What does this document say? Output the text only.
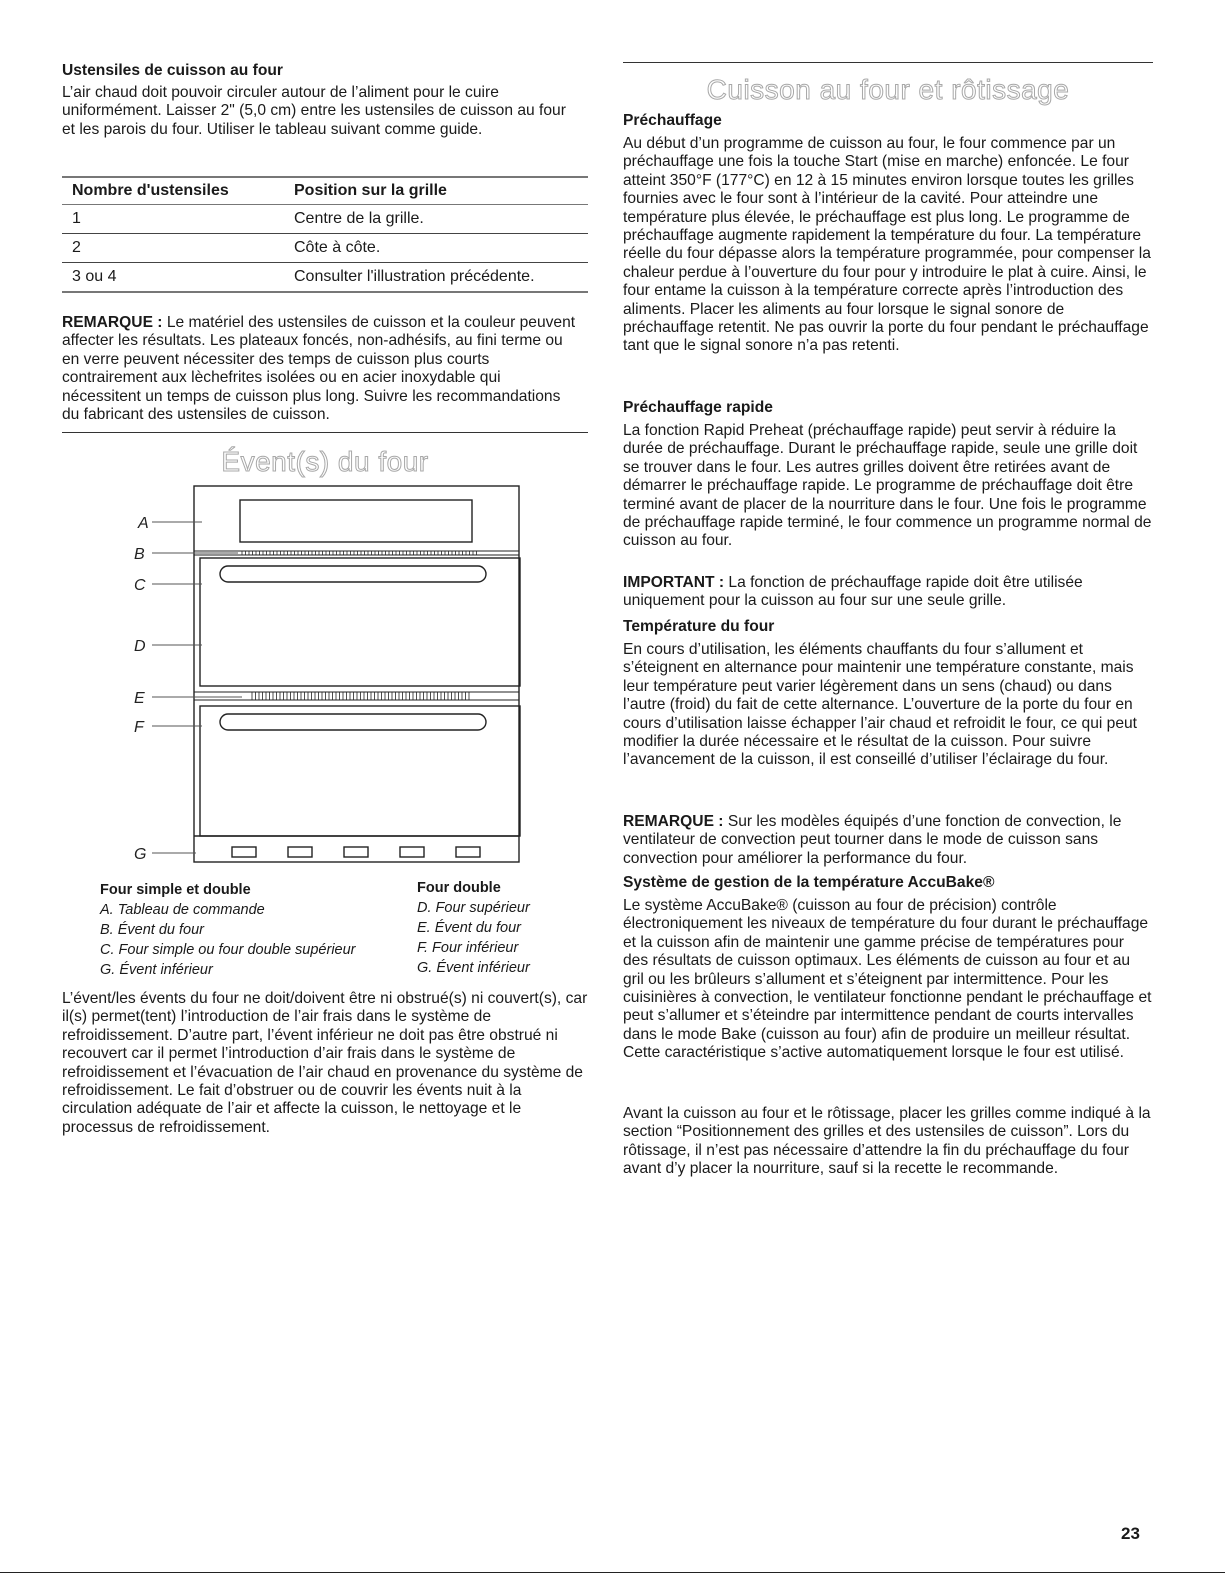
Ustensiles de cuisson au four

L’air chaud doit pouvoir circuler autour de l’aliment pour le cuire uniformément. Laisser 2" (5,0 cm) entre les ustensiles de cuisson au four et les parois du four. Utiliser le tableau suivant comme guide.

Nombre d'ustensiles	Position sur la grille
1	Centre de la grille.
2	Côte à côte.
3 ou 4	Consulter l'illustration précédente.

REMARQUE : Le matériel des ustensiles de cuisson et la couleur peuvent affecter les résultats. Les plateaux foncés, non-adhésifs, au fini terme ou en verre peuvent nécessiter des temps de cuisson plus courts contrairement aux lèchefrites isolées ou en acier inoxydable qui nécessitent un temps de cuisson plus long. Suivre les recommandations du fabricant des ustensiles de cuisson.

Évent(s) du four
A
B
C
D
E
F
G
Four simple et double
A. Tableau de commande
B. Évent du four
C. Four simple ou four double supérieur
G. Évent inférieur
Four double
D. Four supérieur
E. Évent du four
F. Four inférieur
G. Évent inférieur

L’évent/les évents du four ne doit/doivent être ni obstrué(s) ni couvert(s), car il(s) permet(tent) l’introduction de l’air frais dans le système de refroidissement. D’autre part, l’évent inférieur ne doit pas être obstrué ni recouvert car il permet l’introduction d’air frais dans le système de refroidissement et l’évacuation de l’air chaud en provenance du système de refroidissement. Le fait d’obstruer ou de couvrir les évents nuit à la circulation adéquate de l’air et affecte la cuisson, le nettoyage et le processus de refroidissement.

Cuisson au four et rôtissage
Préchauffage

Au début d’un programme de cuisson au four, le four commence par un préchauffage une fois la touche Start (mise en marche) enfoncée. Le four atteint 350°F (177°C) en 12 à 15 minutes environ lorsque toutes les grilles fournies avec le four sont à l’intérieur de la cavité. Pour atteindre une température plus élevée, le préchauffage est plus long. Le programme de préchauffage augmente rapidement la température du four. La température réelle du four dépasse alors la température programmée, pour compenser la chaleur perdue à l’ouverture du four pour y introduire le plat à cuire. Ainsi, le four entame la cuisson à la température correcte après l’introduction des aliments. Placer les aliments au four lorsque le signal sonore de préchauffage retentit. Ne pas ouvrir la porte du four pendant le préchauffage tant que le signal sonore n’a pas retenti.

Préchauffage rapide

La fonction Rapid Preheat (préchauffage rapide) peut servir à réduire la durée de préchauffage. Durant le préchauffage rapide, seule une grille doit se trouver dans le four. Les autres grilles doivent être retirées avant de démarrer le préchauffage rapide. Le programme de préchauffage doit être terminé avant de placer de la nourriture dans le four. Une fois le programme de préchauffage rapide terminé, le four commence un programme normal de cuisson au four.

IMPORTANT : La fonction de préchauffage rapide doit être utilisée uniquement pour la cuisson au four sur une seule grille.

Température du four

En cours d’utilisation, les éléments chauffants du four s’allument et s’éteignent en alternance pour maintenir une température constante, mais leur température peut varier légèrement dans un sens (chaud) ou dans l’autre (froid) du fait de cette alternance. L’ouverture de la porte du four en cours d’utilisation laisse échapper l’air chaud et refroidit le four, ce qui peut modifier la durée nécessaire et le résultat de la cuisson. Pour suivre l’avancement de la cuisson, il est conseillé d’utiliser l’éclairage du four.

REMARQUE : Sur les modèles équipés d’une fonction de convection, le ventilateur de convection peut tourner dans le mode de cuisson sans convection pour améliorer la performance du four.

Système de gestion de la température AccuBake®

Le système AccuBake® (cuisson au four de précision) contrôle électroniquement les niveaux de température du four durant le préchauffage et la cuisson afin de maintenir une gamme précise de températures pour des résultats de cuisson optimaux. Les éléments de cuisson au four et au gril ou les brûleurs s’allument et s’éteignent par intermittence. Pour les cuisinières à convection, le ventilateur fonctionne pendant le préchauffage et peut s’allumer et s’éteindre par intermittence pendant de courts intervalles dans le mode Bake (cuisson au four) afin de produire un meilleur résultat. Cette caractéristique s’active automatiquement lorsque le four est utilisé.

Avant la cuisson au four et le rôtissage, placer les grilles comme indiqué à la section “Positionnement des grilles et des ustensiles de cuisson”. Lors du rôtissage, il n’est pas nécessaire d’attendre la fin du préchauffage du four avant d’y placer la nourriture, sauf si la recette le recommande.

23
